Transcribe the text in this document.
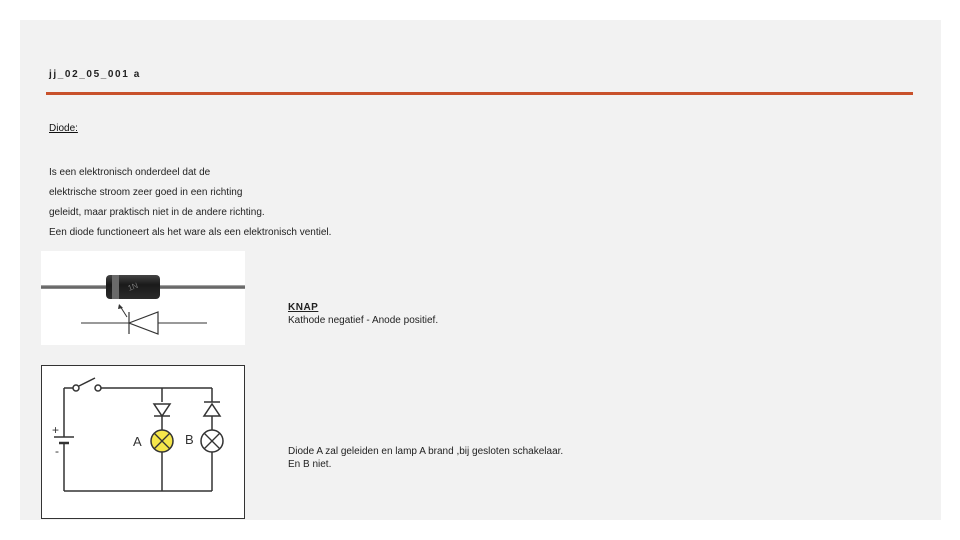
jj_02_05_001 a
Diode:
Is een elektronisch onderdeel dat de
elektrische stroom zeer goed in een richting
geleidt, maar praktisch niet in de andere richting.
Een diode functioneert als het ware als een elektronisch ventiel.
1N
KNAP
Kathode negatief - Anode positief.
+
-
A	B
Diode A zal geleiden en lamp A brand ,bij gesloten schakelaar.
En B niet.
